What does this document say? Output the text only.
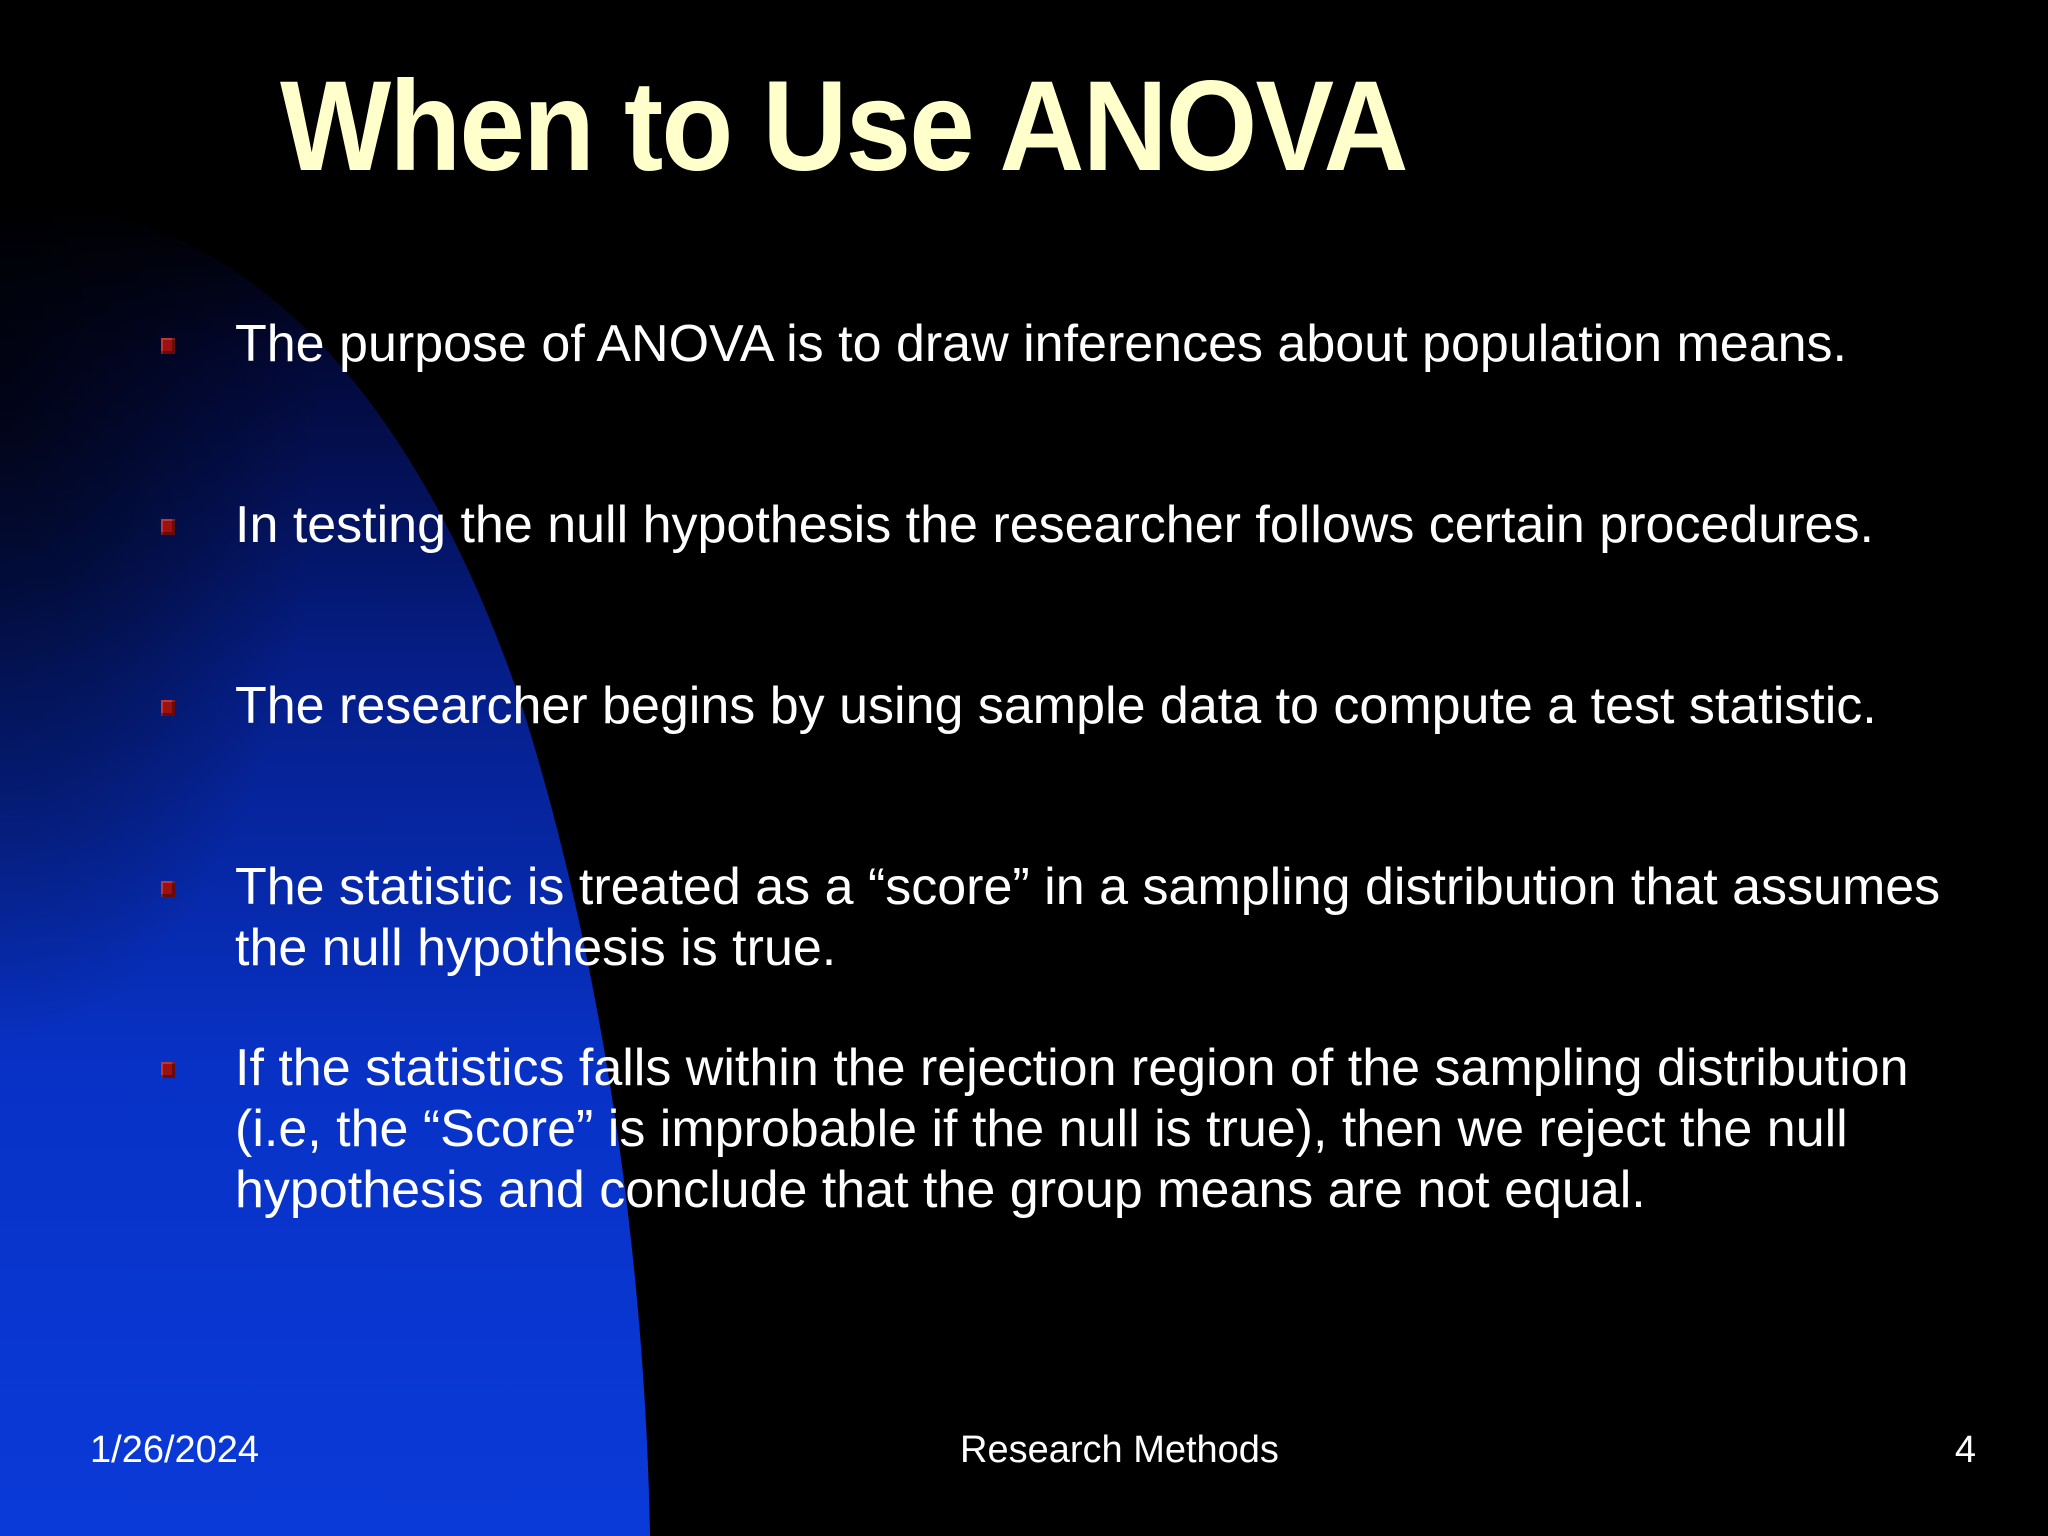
When to Use ANOVA
The purpose of ANOVA is to draw inferences about population means.
In testing the null hypothesis the researcher follows certain procedures.
The researcher begins by using sample data to compute a test statistic.
The statistic is treated as a “score” in a sampling distribution that assumes the null hypothesis is true.
If the statistics falls within the rejection region of the sampling distribution (i.e, the “Score” is improbable if the null is true), then we reject the null hypothesis and conclude that the group means are not equal.
1/26/2024	Research Methods	4
